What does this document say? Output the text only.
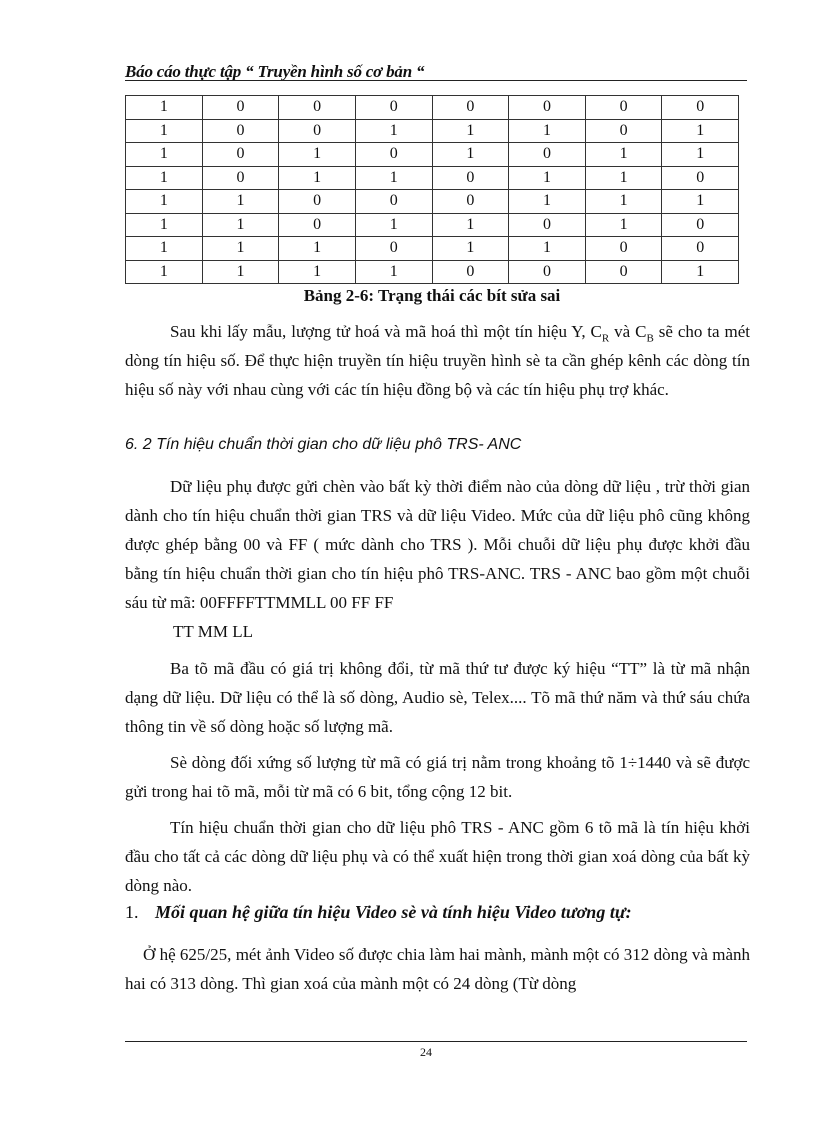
Báo cáo thực tập “ Truyền hình số cơ bản “
1	0	0	0	0	0	0	0
1	0	0	1	1	1	0	1
1	0	1	0	1	0	1	1
1	0	1	1	0	1	1	0
1	1	0	0	0	1	1	1
1	1	0	1	1	0	1	0
1	1	1	0	1	1	0	0
1	1	1	1	0	0	0	1
Bảng 2-6: Trạng thái các bít sửa sai

Sau khi lấy mẫu, lượng tử hoá và mã hoá thì một tín hiệu Y, $C_R$ và $C_B$ sẽ cho ta mét dòng tín hiệu số. Để thực hiện truyền tín hiệu truyền hình sè ta cần ghép kênh các dòng tín hiệu số này với nhau cùng với các tín hiệu đồng bộ và các tín hiệu phụ trợ khác.

6. 2 Tín hiệu chuẩn thời gian cho dữ liệu phô TRS- ANC

Dữ liệu phụ được gửi chèn vào bất kỳ thời điểm nào của dòng dữ liệu , trừ thời gian dành cho tín hiệu chuẩn thời gian TRS và dữ liệu Video. Mức của dữ liệu phô cũng không được ghép bằng 00 và FF ( mức dành cho TRS ). Mỗi chuỗi dữ liệu phụ được khởi đầu bằng tín hiệu chuẩn thời gian cho tín hiệu phô TRS-ANC. TRS - ANC bao gồm một chuỗi sáu từ mã: 00FFFFTTMMLL 00 FF FF
TT MM LL

Ba tõ mã đầu có giá trị không đổi, từ mã thứ tư được ký hiệu “TT” là từ mã nhận dạng dữ liệu. Dữ liệu có thể là số dòng, Audio sè, Telex.... Tõ mã thứ năm và thứ sáu chứa thông tin về số dòng hoặc số lượng mã.

Sè dòng đối xứng số lượng từ mã có giá trị nằm trong khoảng tõ 1÷1440 và sẽ được gửi trong hai tõ mã, mỗi từ mã có 6 bit, tổng cộng 12 bit.

Tín hiệu chuẩn thời gian cho dữ liệu phô TRS - ANC gồm 6 tõ mã là tín hiệu khởi đầu cho tất cả các dòng dữ liệu phụ và có thể xuất hiện trong thời gian xoá dòng của bất kỳ dòng nào.

1. Mối quan hệ giữa tín hiệu Video sè và tính hiệu Video tương tự:

Ở hệ 625/25, mét ảnh Video số được chia làm hai mành, mành một có 312 dòng và mành hai có 313 dòng. Thì gian xoá của mành một có 24 dòng (Từ dòng

24
